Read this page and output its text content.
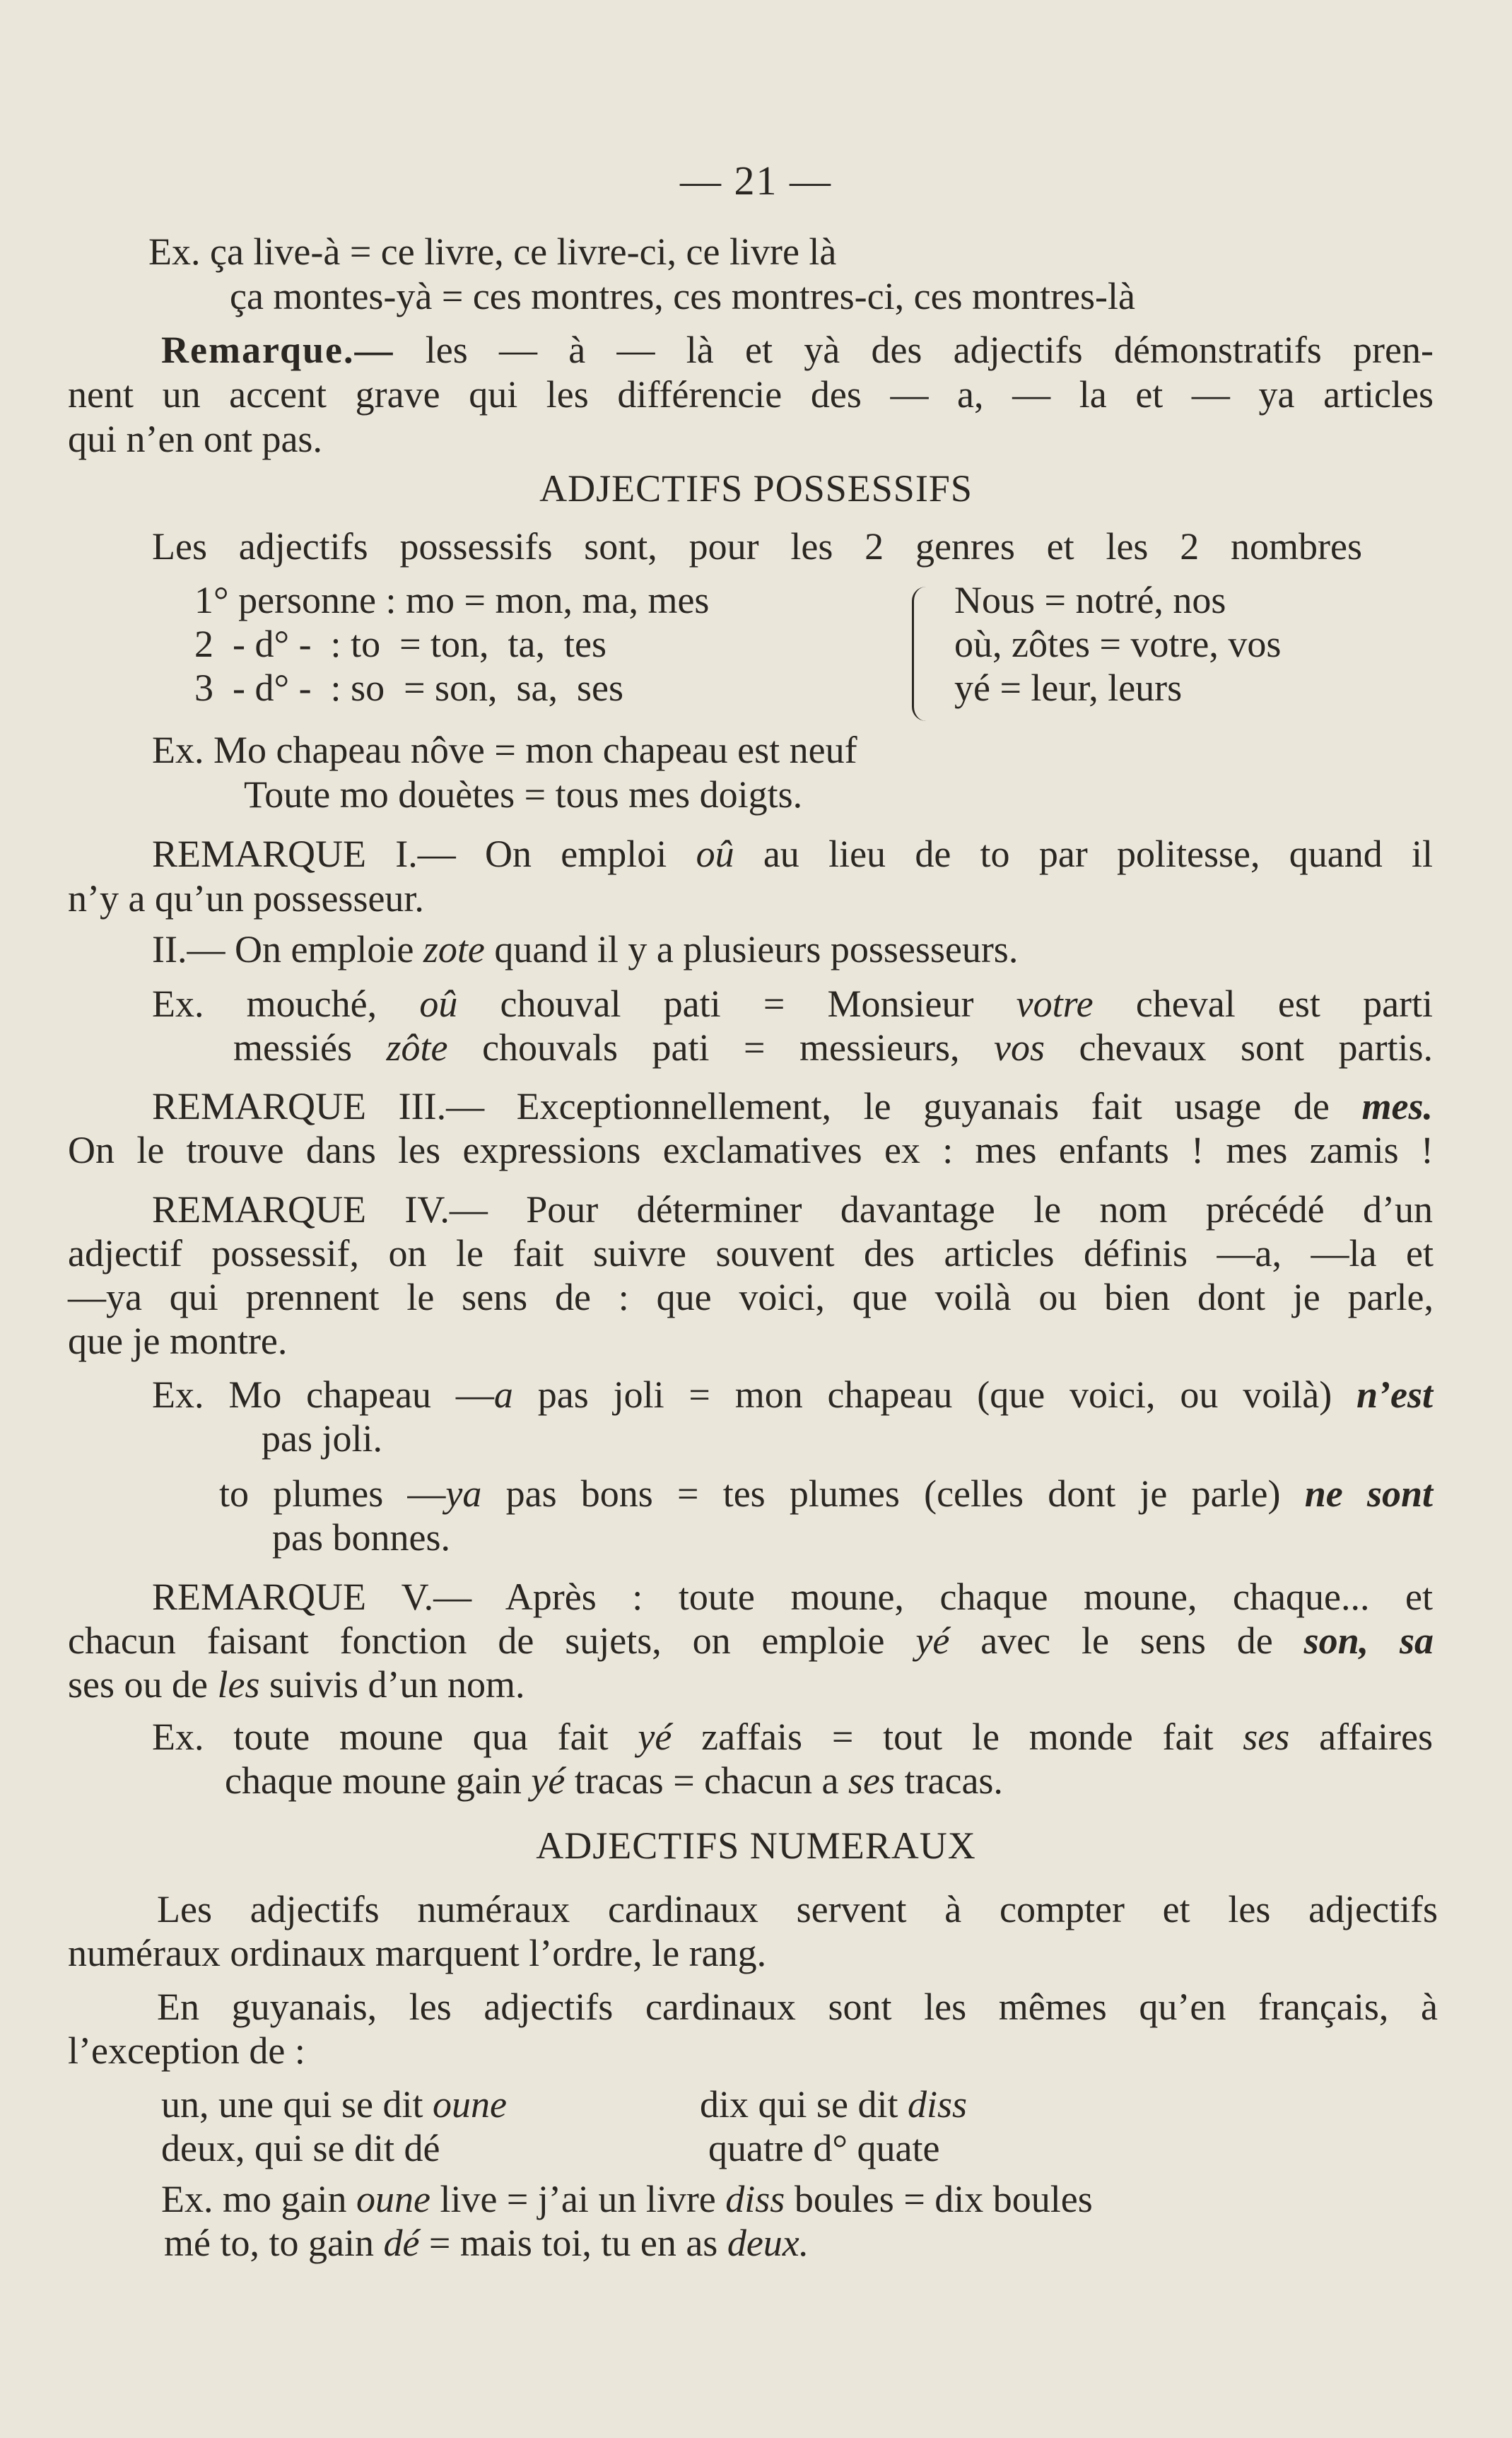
— 21 —
Ex. ça live-à = ce livre, ce livre-ci, ce livre là
ça montes-yà = ces montres, ces montres-ci, ces montres-là
Remarque.— les — à — là et yà des adjectifs démonstratifs pren-
nent un accent grave qui les différencie des — a, — la et — ya articles
qui n’en ont pas.
ADJECTIFS POSSESSIFS
Les adjectifs possessifs sont, pour les 2 genres et les 2 nombres
1° personne : mo = mon, ma, mes
2  - d° -  : to  = ton,  ta,  tes
3  - d° -  : so  = son,  sa,  ses
Nous = notré, nos
où, zôtes = votre, vos
yé = leur, leurs
Ex. Mo chapeau nôve = mon chapeau est neuf
Toute mo douètes = tous mes doigts.
REMARQUE I.— On emploi oû au lieu de to par politesse, quand il
n’y a qu’un possesseur.
II.— On emploie zote quand il y a plusieurs possesseurs.
Ex. mouché, oû chouval pati = Monsieur votre cheval est parti
messiés zôte chouvals pati = messieurs, vos chevaux sont partis.
REMARQUE III.— Exceptionnellement, le guyanais fait usage de mes.
On le trouve dans les expressions exclamatives ex : mes enfants ! mes zamis !
REMARQUE IV.— Pour déterminer davantage le nom précédé d’un
adjectif possessif, on le fait suivre souvent des articles définis —a, —la et
—ya qui prennent le sens de : que voici, que voilà ou bien dont je parle,
que je montre.
Ex. Mo chapeau —a pas joli = mon chapeau (que voici, ou voilà) n’est
pas joli.
to plumes —ya pas bons = tes plumes (celles dont je parle) ne sont
pas bonnes.
REMARQUE V.— Après : toute moune, chaque moune, chaque... et
chacun faisant fonction de sujets, on emploie yé avec le sens de son, sa
ses ou de les suivis d’un nom.
Ex. toute moune qua fait yé zaffais = tout le monde fait ses affaires
chaque moune gain yé tracas = chacun a ses tracas.
ADJECTIFS NUMERAUX
Les adjectifs numéraux cardinaux servent à compter et les adjectifs
numéraux ordinaux marquent l’ordre, le rang.
En guyanais, les adjectifs cardinaux sont les mêmes qu’en français, à
l’exception de :
un, une qui se dit oune	dix qui se dit diss
deux, qui se dit dé	quatre d° quate
Ex. mo gain oune live = j’ai un livre diss boules = dix boules
mé to, to gain dé = mais toi, tu en as deux.
